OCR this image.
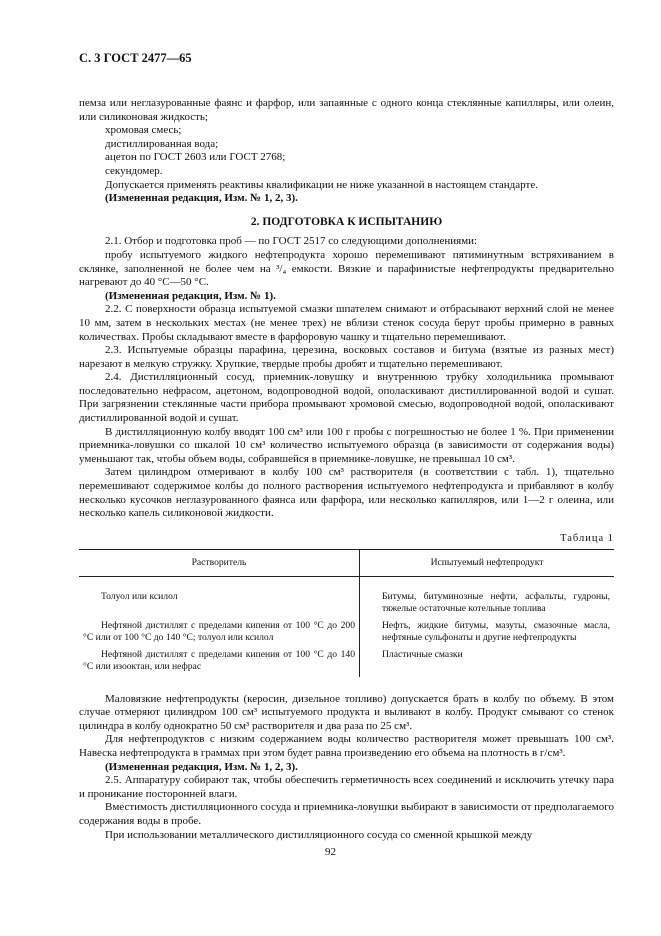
С. 3 ГОСТ 2477—65

пемза или неглазурованные фаянс и фарфор, или запаянные с одного конца стеклянные капилляры, или олеин, или силиконовая жидкость;

хромовая смесь;

дистиллированная вода;

ацетон по ГОСТ 2603 или ГОСТ 2768;

секундомер.

Допускается применять реактивы квалификации не ниже указанной в настоящем стандарте.

(Измененная редакция, Изм. № 1, 2, 3).

2. ПОДГОТОВКА К ИСПЫТАНИЮ

2.1. Отбор и подготовка проб — по ГОСТ 2517 со следующими дополнениями:

пробу испытуемого жидкого нефтепродукта хорошо перемешивают пятиминутным встряхиванием в склянке, заполненной не более чем на ³/₄ емкости. Вязкие и парафинистые нефтепродукты предварительно нагревают до 40 °С—50 °С.

(Измененная редакция, Изм. № 1).

2.2. С поверхности образца испытуемой смазки шпателем снимают и отбрасывают верхний слой не менее 10 мм, затем в нескольких местах (не менее трех) не вблизи стенок сосуда берут пробы примерно в равных количествах. Пробы складывают вместе в фарфоровую чашку и тщательно перемешивают.

2.3. Испытуемые образцы парафина, церезина, восковых составов и битума (взятые из разных мест) нарезают в мелкую стружку. Хрупкие, твердые пробы дробят и тщательно перемешивают.

2.4. Дистилляционный сосуд, приемник-ловушку и внутреннюю трубку холодильника промывают последовательно нефрасом, ацетоном, водопроводной водой, ополаскивают дистиллированной водой и сушат. При загрязнении стеклянные части прибора промывают хромовой смесью, водопроводной водой, ополаскивают дистиллированной водой и сушат.

В дистилляционную колбу вводят 100 см³ или 100 г пробы с погрешностью не более 1 %. При применении приемника-ловушки со шкалой 10 см³ количество испытуемого образца (в зависимости от содержания воды) уменьшают так, чтобы объем воды, собравшейся в приемнике-ловушке, не превышал 10 см³.

Затем цилиндром отмеривают в колбу 100 см³ растворителя (в соответствии с табл. 1), тщательно перемешивают содержимое колбы до полного растворения испытуемого нефтепродукта и прибавляют в колбу несколько кусочков неглазурованного фаянса или фарфора, или несколько капилляров, или 1—2 г олеина, или несколько капель силиконовой жидкости.

Таблица 1

Растворитель	Испытуемый нефтепродукт
Толуол или ксилол	Битумы, битуминозные нефти, асфальты, гудроны, тяжелые остаточные котельные топлива
Нефтяной дистиллят с пределами кипения от 100 °С до 200 °С или от 100 °С до 140 °С; толуол или ксилол	Нефть, жидкие битумы, мазуты, смазочные масла, нефтяные сульфонаты и другие нефтепродукты
Нефтяной дистиллят с пределами кипения от 100 °С до 140 °С или изооктан, или нефрас	Пластичные смазки

Маловязкие нефтепродукты (керосин, дизельное топливо) допускается брать в колбу по объему. В этом случае отмеряют цилиндром 100 см³ испытуемого продукта и выливают в колбу. Продукт смывают со стенок цилиндра в колбу однократно 50 см³ растворителя и два раза по 25 см³.

Для нефтепродуктов с низким содержанием воды количество растворителя может превышать 100 см³. Навеска нефтепродукта в граммах при этом будет равна произведению его объема на плотность в г/см³.

(Измененная редакция, Изм. № 1, 2, 3).

2.5. Аппаратуру собирают так, чтобы обеспечить герметичность всех соединений и исключить утечку пара и проникание посторонней влаги.

Вместимость дистилляционного сосуда и приемника-ловушки выбирают в зависимости от предполагаемого содержания воды в пробе.

При использовании металлического дистилляционного сосуда со сменной крышкой между

92
